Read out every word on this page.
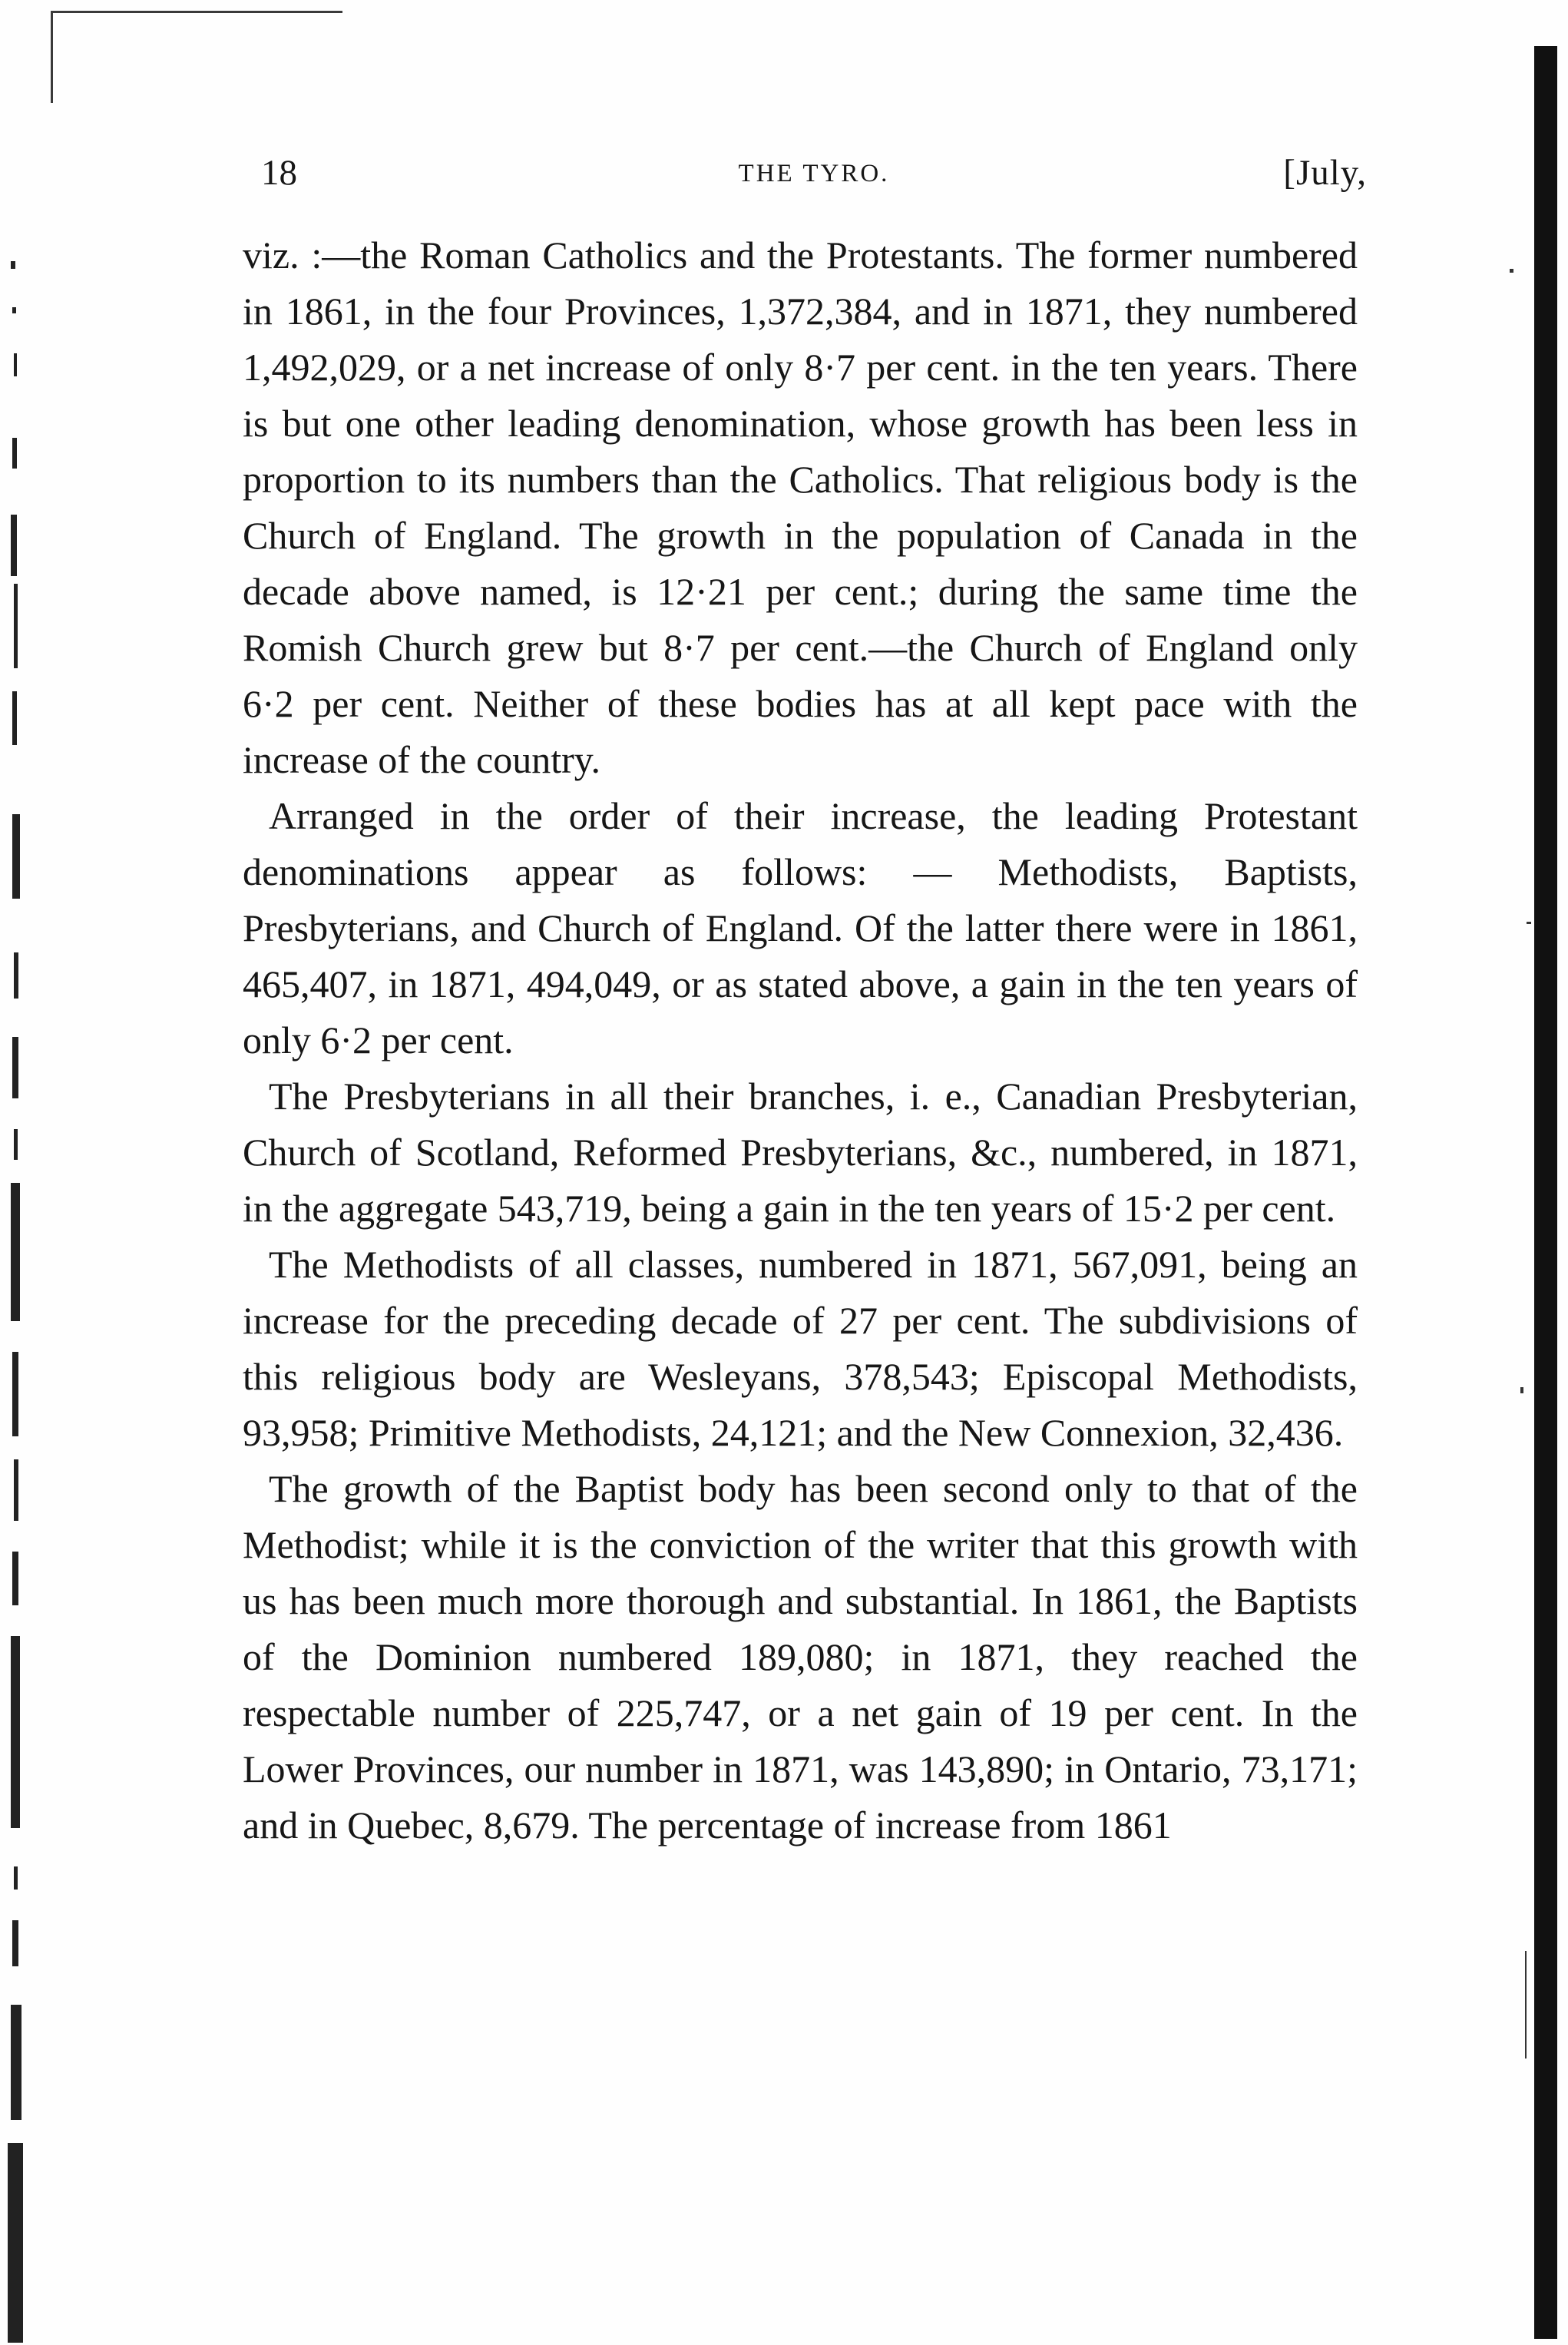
18	THE TYRO.	[July,

viz. :—the Roman Catholics and the Protestants. The former numbered in 1861, in the four Provinces, 1,372,384, and in 1871, they numbered 1,492,029, or a net increase of only 8·7 per cent. in the ten years. There is but one other leading denomination, whose growth has been less in proportion to its numbers than the Catholics. That religious body is the Church of England. The growth in the population of Canada in the decade above named, is 12·21 per cent.; during the same time the Romish Church grew but 8·7 per cent.—the Church of England only 6·2 per cent. Neither of these bodies has at all kept pace with the increase of the country.

Arranged in the order of their increase, the leading Protestant denominations appear as follows: — Methodists, Baptists, Presbyterians, and Church of England. Of the latter there were in 1861, 465,407, in 1871, 494,049, or as stated above, a gain in the ten years of only 6·2 per cent.

The Presbyterians in all their branches, i. e., Canadian Presbyterian, Church of Scotland, Reformed Presbyterians, &c., numbered, in 1871, in the aggregate 543,719, being a gain in the ten years of 15·2 per cent.

The Methodists of all classes, numbered in 1871, 567,091, being an increase for the preceding decade of 27 per cent. The subdivisions of this religious body are Wesleyans, 378,543; Episcopal Methodists, 93,958; Primitive Methodists, 24,121; and the New Connexion, 32,436.

The growth of the Baptist body has been second only to that of the Methodist; while it is the conviction of the writer that this growth with us has been much more thorough and substantial. In 1861, the Baptists of the Dominion numbered 189,080; in 1871, they reached the respectable number of 225,747, or a net gain of 19 per cent. In the Lower Provinces, our number in 1871, was 143,890; in Ontario, 73,171; and in Quebec, 8,679. The percentage of increase from 1861
